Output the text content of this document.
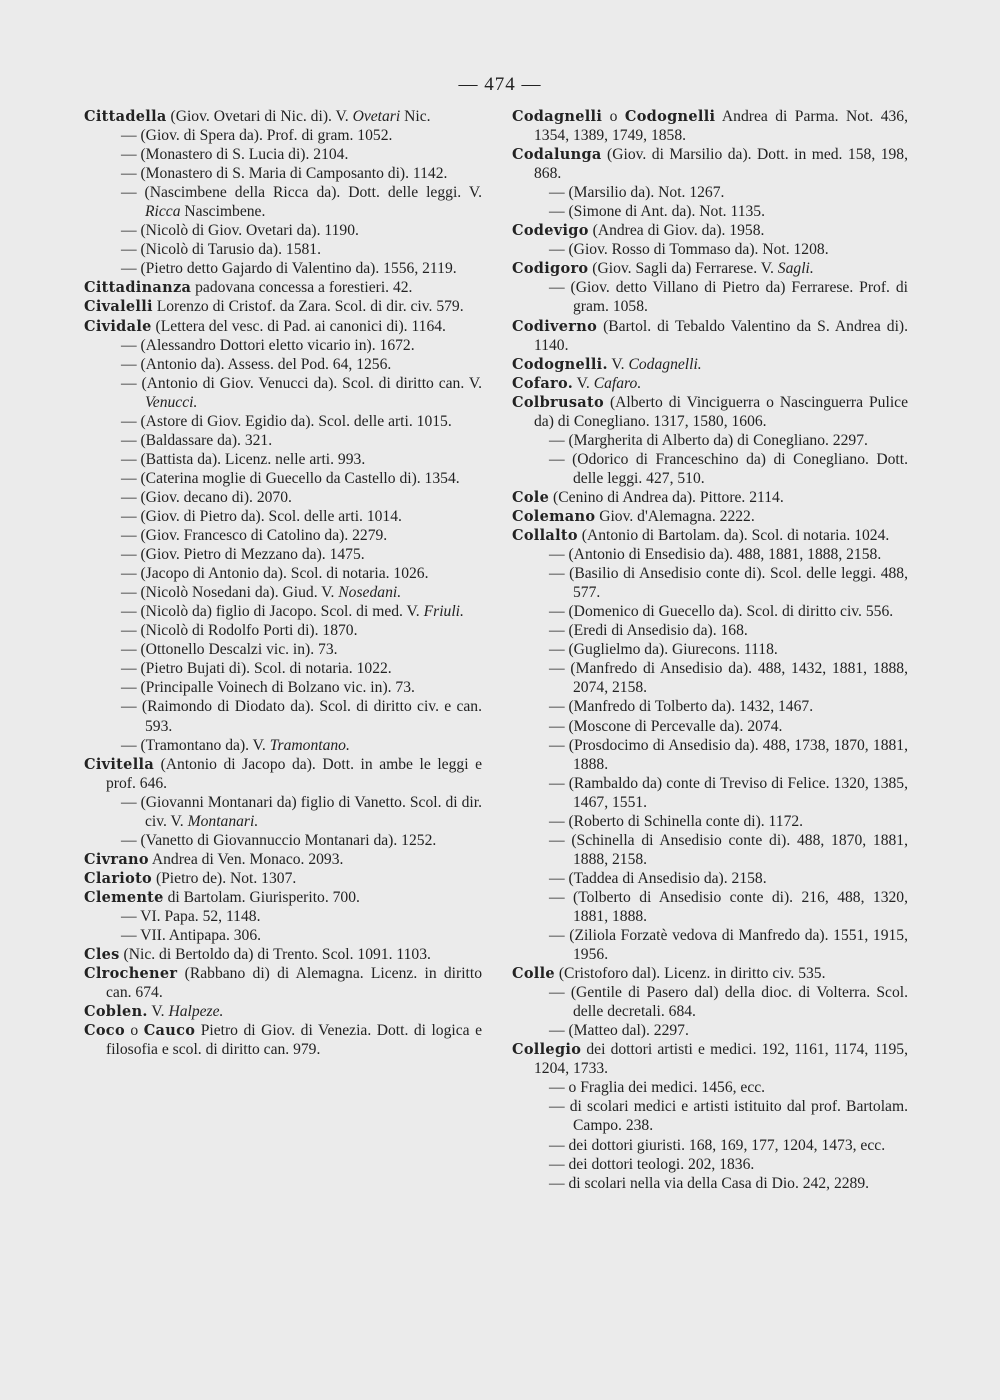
— 474 —

Cittadella (Giov. Ovetari di Nic. di). V. Ovetari Nic.

— (Giov. di Spera da). Prof. di gram. 1052.

— (Monastero di S. Lucia di). 2104.

— (Monastero di S. Maria di Camposanto di). 1142.

— (Nascimbene della Ricca da). Dott. delle leggi. V. Ricca Nascimbene.

— (Nicolò di Giov. Ovetari da). 1190.

— (Nicolò di Tarusio da). 1581.

— (Pietro detto Gajardo di Valentino da). 1556, 2119.

Cittadinanza padovana concessa a forestieri. 42.

Civalelli Lorenzo di Cristof. da Zara. Scol. di dir. civ. 579.

Cividale (Lettera del vesc. di Pad. ai canonici di). 1164.

— (Alessandro Dottori eletto vicario in). 1672.

— (Antonio da). Assess. del Pod. 64, 1256.

— (Antonio di Giov. Venucci da). Scol. di diritto can. V. Venucci.

— (Astore di Giov. Egidio da). Scol. delle arti. 1015.

— (Baldassare da). 321.

— (Battista da). Licenz. nelle arti. 993.

— (Caterina moglie di Guecello da Castello di). 1354.

— (Giov. decano di). 2070.

— (Giov. di Pietro da). Scol. delle arti. 1014.

— (Giov. Francesco di Catolino da). 2279.

— (Giov. Pietro di Mezzano da). 1475.

— (Jacopo di Antonio da). Scol. di notaria. 1026.

— (Nicolò Nosedani da). Giud. V. Nosedani.

— (Nicolò da) figlio di Jacopo. Scol. di med. V. Friuli.

— (Nicolò di Rodolfo Porti di). 1870.

— (Ottonello Descalzi vic. in). 73.

— (Pietro Bujati di). Scol. di notaria. 1022.

— (Principalle Voinech di Bolzano vic. in). 73.

— (Raimondo di Diodato da). Scol. di diritto civ. e can. 593.

— (Tramontano da). V. Tramontano.

Civitella (Antonio di Jacopo da). Dott. in ambe le leggi e prof. 646.

— (Giovanni Montanari da) figlio di Vanetto. Scol. di dir. civ. V. Montanari.

— (Vanetto di Giovannuccio Montanari da). 1252.

Civrano Andrea di Ven. Monaco. 2093.

Clarioto (Pietro de). Not. 1307.

Clemente di Bartolam. Giurisperito. 700.

— VI. Papa. 52, 1148.

— VII. Antipapa. 306.

Cles (Nic. di Bertoldo da) di Trento. Scol. 1091. 1103.

Clrochener (Rabbano di) di Alemagna. Licenz. in diritto can. 674.

Coblen. V. Halpeze.

Coco o Cauco Pietro di Giov. di Venezia. Dott. di logica e filosofia e scol. di diritto can. 979.

Codagnelli o Codognelli Andrea di Parma. Not. 436, 1354, 1389, 1749, 1858.

Codalunga (Giov. di Marsilio da). Dott. in med. 158, 198, 868.

— (Marsilio da). Not. 1267.

— (Simone di Ant. da). Not. 1135.

Codevigo (Andrea di Giov. da). 1958.

— (Giov. Rosso di Tommaso da). Not. 1208.

Codigoro (Giov. Sagli da) Ferrarese. V. Sagli.

— (Giov. detto Villano di Pietro da) Ferrarese. Prof. di gram. 1058.

Codiverno (Bartol. di Tebaldo Valentino da S. Andrea di). 1140.

Codognelli. V. Codagnelli.

Cofaro. V. Cafaro.

Colbrusato (Alberto di Vinciguerra o Nascinguerra Pulice da) di Conegliano. 1317, 1580, 1606.

— (Margherita di Alberto da) di Conegliano. 2297.

— (Odorico di Franceschino da) di Conegliano. Dott. delle leggi. 427, 510.

Cole (Cenino di Andrea da). Pittore. 2114.

Colemano Giov. d'Alemagna. 2222.

Collalto (Antonio di Bartolam. da). Scol. di notaria. 1024.

— (Antonio di Ensedisio da). 488, 1881, 1888, 2158.

— (Basilio di Ansedisio conte di). Scol. delle leggi. 488, 577.

— (Domenico di Guecello da). Scol. di diritto civ. 556.

— (Eredi di Ansedisio da). 168.

— (Guglielmo da). Giurecons. 1118.

— (Manfredo di Ansedisio da). 488, 1432, 1881, 1888, 2074, 2158.

— (Manfredo di Tolberto da). 1432, 1467.

— (Moscone di Percevalle da). 2074.

— (Prosdocimo di Ansedisio da). 488, 1738, 1870, 1881, 1888.

— (Rambaldo da) conte di Treviso di Felice. 1320, 1385, 1467, 1551.

— (Roberto di Schinella conte di). 1172.

— (Schinella di Ansedisio conte di). 488, 1870, 1881, 1888, 2158.

— (Taddea di Ansedisio da). 2158.

— (Tolberto di Ansedisio conte di). 216, 488, 1320, 1881, 1888.

— (Ziliola Forzatè vedova di Manfredo da). 1551, 1915, 1956.

Colle (Cristoforo dal). Licenz. in diritto civ. 535.

— (Gentile di Pasero dal) della dioc. di Volterra. Scol. delle decretali. 684.

— (Matteo dal). 2297.

Collegio dei dottori artisti e medici. 192, 1161, 1174, 1195, 1204, 1733.

— o Fraglia dei medici. 1456, ecc.

— di scolari medici e artisti istituito dal prof. Bartolam. Campo. 238.

— dei dottori giuristi. 168, 169, 177, 1204, 1473, ecc.

— dei dottori teologi. 202, 1836.

— di scolari nella via della Casa di Dio. 242, 2289.
